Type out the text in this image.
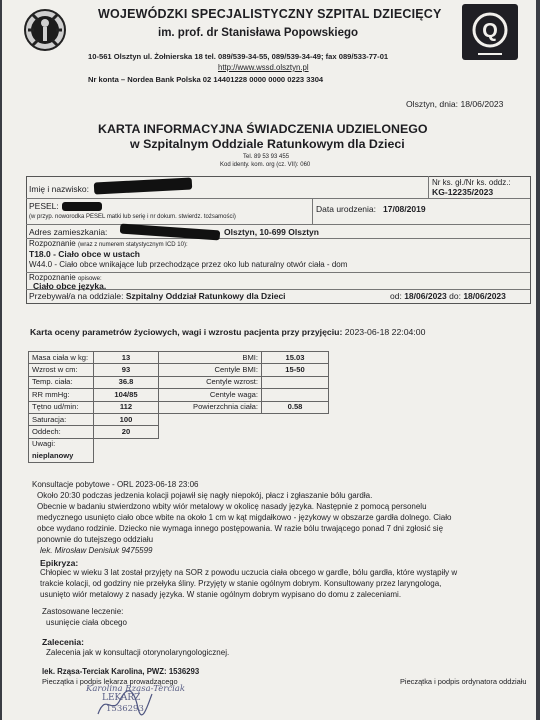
WOJEWÓDZKI SPECJALISTYCZNY SZPITAL DZIECIĘCY
im. prof. dr Stanisława Popowskiego
10-561 Olsztyn ul. Żołnierska 18 tel. 089/539-34-55, 089/539-34-49; fax 089/533-77-01
http://www.wssd.olsztyn.pl
Nr konta – Nordea Bank Polska 02 14401228 0000 0000 0223 3304
Q
Olsztyn, dnia: 18/06/2023
KARTA INFORMACYJNA ŚWIADCZENIA UDZIELONEGO
w Szpitalnym Oddziale Ratunkowym dla Dzieci
Tel. 89 53 93 455
Kod identy. kom. org (cz. VII): 060
Imię i nazwisko:
Nr ks. gł./Nr ks. oddz.:
KG-12235/2023
PESEL:
(w przyp. noworodka PESEL matki lub serię i nr dokum. stwierdz. tożsamości)
Data urodzenia: 17/08/2019
Adres zamieszkania:	Olsztyn, 10-699 Olsztyn
Rozpoznanie (wraz z numerem statystycznym ICD 10):
T18.0 - Ciało obce w ustach
W44.0 - Ciało obce wnikające lub przechodzące przez oko lub naturalny otwór ciała - dom
Rozpoznanie opisowe:
Ciało obce języka.
Przebywał/a na oddziale: Szpitalny Oddział Ratunkowy dla Dzieci	od: 18/06/2023 do: 18/06/2023
Karta oceny parametrów życiowych, wagi i wzrostu pacjenta przy przyjęciu: 2023-06-18 22:04:00
Masa ciała w kg:	13	BMI:	15.03
Wzrost w cm:	93	Centyle BMI:	15-50
Temp. ciała:	36.8	Centyle wzrost:	
RR mmHg:	104/85	Centyle waga:	
Tętno ud/min:	112	Powierzchnia ciała:	0.58
Saturacja:	100		
Oddech:	20		
Uwagi:			
nieplanowy			
Konsultacje pobytowe - ORL 2023-06-18 23:06
Około 20:30 podczas jedzenia kolacji pojawił się nagły niepokój, płacz i zgłaszanie bólu gardła.
Obecnie w badaniu stwierdzono wbity wiór metalowy w okolicę nasady języka. Następnie z pomocą personelu
medycznego usunięto ciało obce wbite na około 1 cm w kąt migdałkowo - językowy w obszarze gardła dolnego. Ciało
obce wydano rodzinie. Dziecko nie wymaga innego postępowania. W razie bólu trwającego ponad 7 dni zgłosić się
ponownie do tutejszego oddziału
lek. Mirosław Denisiuk 9475599
Epikryza:
Chłopiec w wieku 3 lat został przyjęty na SOR z powodu uczucia ciała obcego w gardle, bólu gardła, które wystąpiły w
trakcie kolacji, od godziny nie przełyka śliny. Przyjęty w stanie ogólnym dobrym. Konsultowany przez laryngologa,
usunięto wiór metalowy z nasady języka. W stanie ogólnym dobrym wypisano do domu z zaleceniami.
Zastosowane leczenie:
usunięcie ciała obcego
Zalecenia:
Zalecenia jak w konsultacji otorynolaryngologicznej.
lek. Rząsa-Terciak Karolina, PWZ: 1536293
Pieczątka i podpis lekarza prowadzącego	Pieczątka i podpis ordynatora oddziału
Karolina Rząsa-Terciak
LEKARZ
1536293
